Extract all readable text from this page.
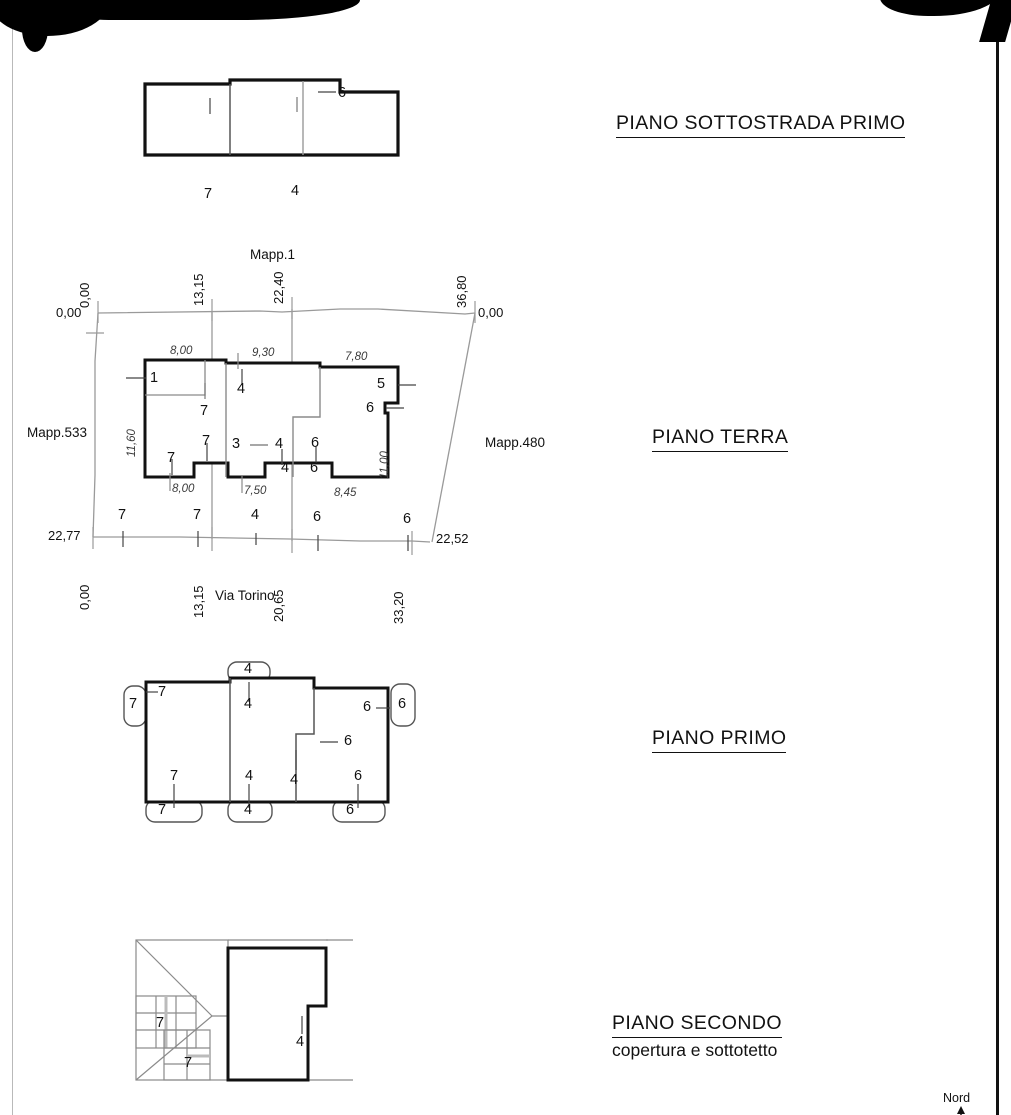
7	4
6
PIANO SOTTOSTRADA PRIMO
0,00	13,15	22,40	36,80
0,00	0,00
22,77	22,52
0,00	13,15	20,65	33,20
7	7	4	6	6
8,00	9,30	7,80
8,00	7,50	8,45
11,60
11,00
1
7
4
7
7
3 4 6
4 6
5
6
Mapp.1
Mapp.533
Mapp.480
Via Torino
PIANO TERRA
7
4	6
6
7	4	4	6
7
4
6
7	4	6
PIANO PRIMO
7
7
4
PIANO SECONDO
copertura e sottotetto
Nord
